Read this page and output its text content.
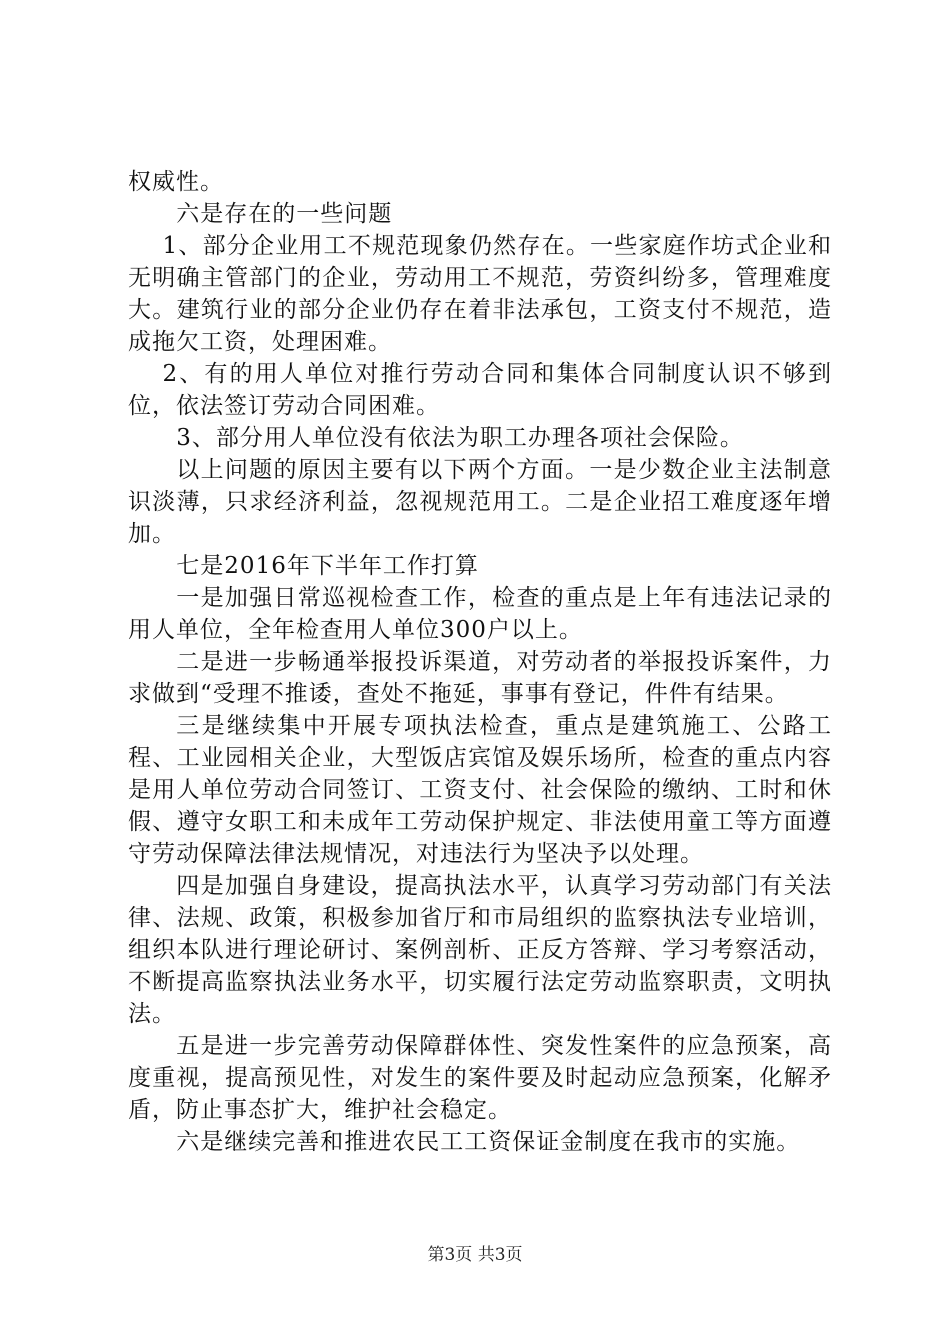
权威性。

六是存在的一些问题

1、部分企业用工不规范现象仍然存在。一些家庭作坊式企业和无明确主管部门的企业，劳动用工不规范，劳资纠纷多，管理难度大。建筑行业的部分企业仍存在着非法承包，工资支付不规范，造成拖欠工资，处理困难。

2、有的用人单位对推行劳动合同和集体合同制度认识不够到位，依法签订劳动合同困难。

3、部分用人单位没有依法为职工办理各项社会保险。

以上问题的原因主要有以下两个方面。一是少数企业主法制意识淡薄，只求经济利益，忽视规范用工。二是企业招工难度逐年增加。

七是2016年下半年工作打算

一是加强日常巡视检查工作，检查的重点是上年有违法记录的用人单位，全年检查用人单位300户以上。

二是进一步畅通举报投诉渠道，对劳动者的举报投诉案件，力求做到“受理不推诿，查处不拖延，事事有登记，件件有结果。

三是继续集中开展专项执法检查，重点是建筑施工、公路工程、工业园相关企业，大型饭店宾馆及娱乐场所，检查的重点内容是用人单位劳动合同签订、工资支付、社会保险的缴纳、工时和休假、遵守女职工和未成年工劳动保护规定、非法使用童工等方面遵守劳动保障法律法规情况，对违法行为坚决予以处理。

四是加强自身建设，提高执法水平，认真学习劳动部门有关法律、法规、政策，积极参加省厅和市局组织的监察执法专业培训，组织本队进行理论研讨、案例剖析、正反方答辩、学习考察活动，不断提高监察执法业务水平，切实履行法定劳动监察职责，文明执法。

五是进一步完善劳动保障群体性、突发性案件的应急预案，高度重视，提高预见性，对发生的案件要及时起动应急预案，化解矛盾，防止事态扩大，维护社会稳定。

六是继续完善和推进农民工工资保证金制度在我市的实施。

第3页 共3页
